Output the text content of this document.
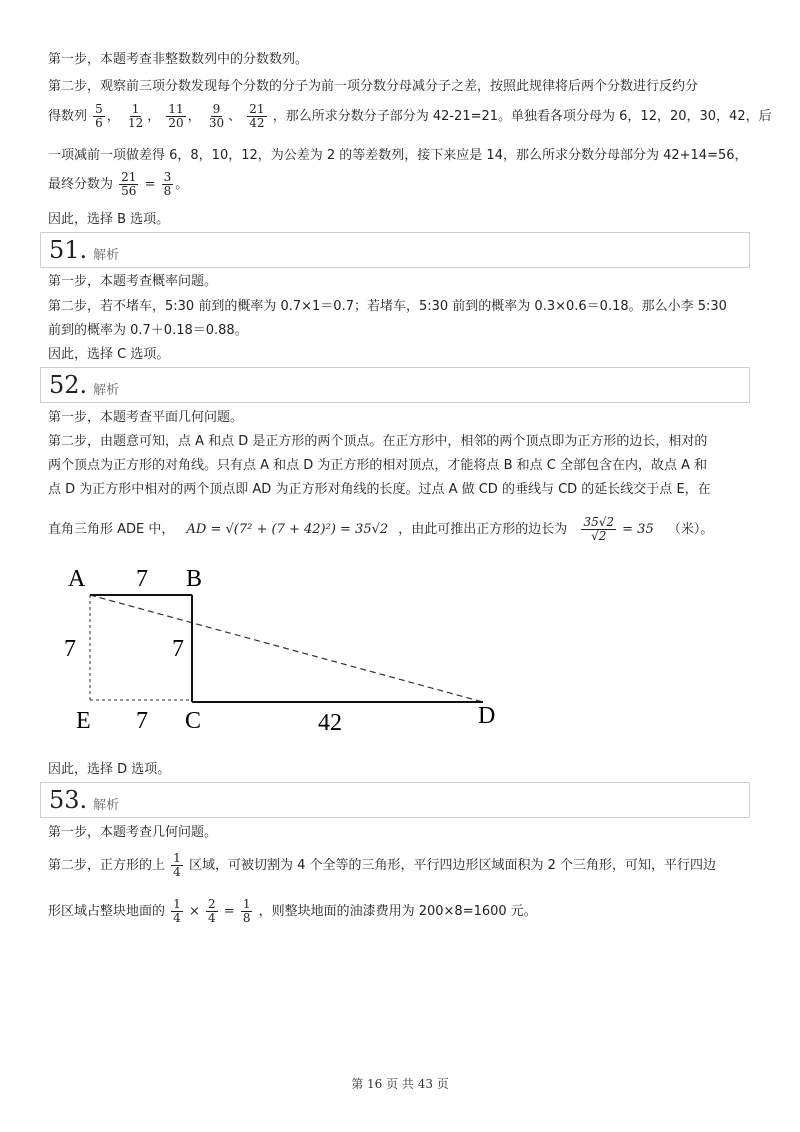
第一步，本题考查非整数数列中的分数数列。
第二步，观察前三项分数发现每个分数的分子为前一项分数分母减分子之差，按照此规律将后两个分数进行反约分
得数列 $\frac{5}{6}$ ， $\frac{1}{12}$ ， $\frac{11}{20}$ ， $\frac{9}{30}$ 、 $\frac{21}{42}$ ，那么所求分数分子部分为 42-21=21。单独看各项分母为 6，12，20，30，42，后
一项减前一项做差得 6，8，10，12，为公差为 2 的等差数列，接下来应是 14，那么所求分数分母部分为 42+14=56，
最终分数为 $\frac{21}{56} = \frac{3}{8}$ 。
因此，选择 B 选项。
51. 解析
第一步，本题考查概率问题。
第二步，若不堵车，5:30 前到的概率为 0.7×1＝0.7；若堵车，5:30 前到的概率为 0.3×0.6＝0.18。那么小李 5:30
前到的概率为 0.7＋0.18＝0.88。
因此，选择 C 选项。
52. 解析
第一步，本题考查平面几何问题。
第二步，由题意可知，点 A 和点 D 是正方形的两个顶点。在正方形中，相邻的两个顶点即为正方形的边长，相对的
两个顶点为正方形的对角线。只有点 A 和点 D 为正方形的相对顶点，才能将点 B 和点 C 全部包含在内，故点 A 和
点 D 为正方形中相对的两个顶点即 AD 为正方形对角线的长度。过点 A 做 CD 的垂线与 CD 的延长线交于点 E，在
直角三角形 ADE 中， AD = √(7² + (7 + 42)²) = 35√2 ，由此可推出正方形的边长为 $\frac{35√2}{√2} = 35$ （米）。
A	B
E	C	D
7
7	7
7	42
因此，选择 D 选项。
53. 解析
第一步，本题考查几何问题。
第二步，正方形的上 $\frac{1}{4}$ 区域，可被切割为 4 个全等的三角形，平行四边形区域面积为 2 个三角形，可知，平行四边
形区域占整块地面的 $\frac{1}{4} \times \frac{2}{4} = \frac{1}{8}$ ，则整块地面的油漆费用为 200×8=1600 元。
第 16 页 共 43 页
